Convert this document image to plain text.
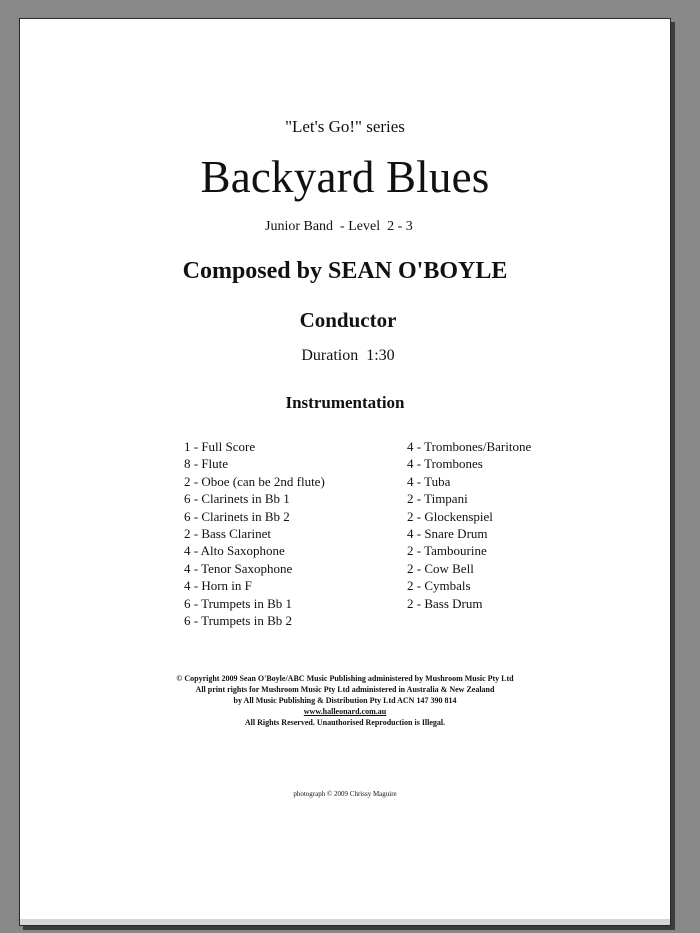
"Let's Go!" series
Backyard Blues
Junior Band  - Level  2 - 3
Composed by SEAN O'BOYLE
Conductor
Duration  1:30
Instrumentation
1 - Full Score
8 - Flute
2 - Oboe (can be 2nd flute)
6 - Clarinets in Bb 1
6 - Clarinets in Bb 2
2 - Bass Clarinet
4 - Alto Saxophone
4 - Tenor Saxophone
4 - Horn in F
6 - Trumpets in Bb 1
6 - Trumpets in Bb 2
4 - Trombones/Baritone
4 - Trombones
4 - Tuba
2 - Timpani
2 - Glockenspiel
4 - Snare Drum
2 - Tambourine
2 - Cow Bell
2 - Cymbals
2 - Bass Drum
© Copyright 2009 Sean O'Boyle/ABC Music Publishing administered by Mushroom Music Pty Ltd
All print rights for Mushroom Music Pty Ltd administered in Australia & New Zealand
by All Music Publishing & Distribution Pty Ltd ACN 147 390 814
www.halleonard.com.au
All Rights Reserved. Unauthorised Reproduction is Illegal.
photograph © 2009 Chrissy Maguire
